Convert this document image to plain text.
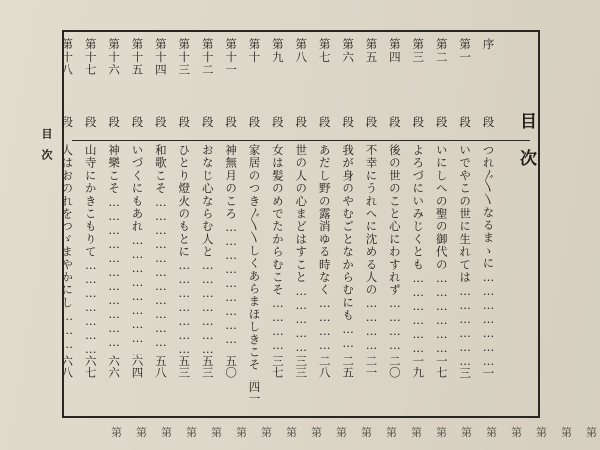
目次
目次
序
段 つれ〲〵なるまゝに
……………………………………………………………………………………………………
一
第一
段 いでやこの世に生れては
……………………………………………………………………………………………………
三
第二
段 いにしへの聖の御代の
……………………………………………………………………………………………………
一七
第三
段 よろづにいみじくとも
……………………………………………………………………………………………………
一九
第四
段 後の世のこと心にわすれず
……………………………………………………………………………………………………
二〇
第五
段 不幸にうれへに沈める人の
……………………………………………………………………………………………………
二一
第六
段 我が身のやむごとなからむにも
……………………………………………………………………………………………………
二五
第七
段 あだし野の露消ゆる時なく
……………………………………………………………………………………………………
二八
第八
段 世の人の心まどはすこと
……………………………………………………………………………………………………
三三
第九
段 女は髪のめでたからむこそ
……………………………………………………………………………………………………
三七
第十
段 家居のつき〲〵しくあらまほしきこそ
……………………………………………………………………………………………………
四一
第十一
段 神無月のころ
……………………………………………………………………………………………………
五〇
第十二
段 おなじ心ならむ人と
……………………………………………………………………………………………………
五三
第十三
段 ひとり燈火のもとに
……………………………………………………………………………………………………
五三
第十四
段 和歌こそ
……………………………………………………………………………………………………
五八
第十五
段 いづくにもあれ
……………………………………………………………………………………………………
六四
第十六
段 神樂こそ
……………………………………………………………………………………………………
六六
第十七
段 山寺にかきこもりて
……………………………………………………………………………………………………
六七
第十八
段 人はおのれをつゞまやかにし
……………………………………………………………………………………………………
六八
第
第
第
第
第
第
第
第
第
第
第
第
第
第
第
第
第
第
第
第
